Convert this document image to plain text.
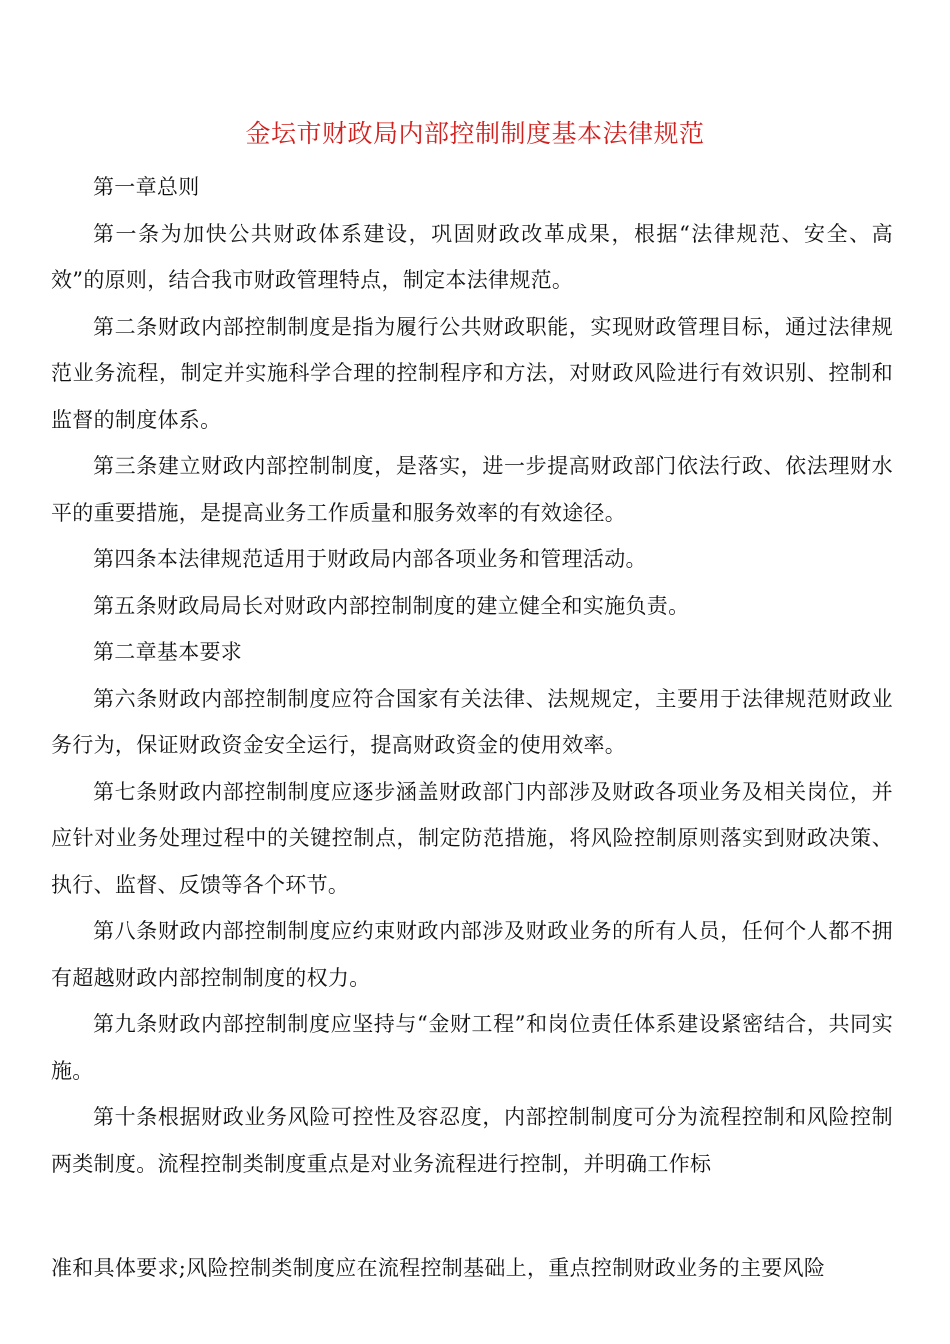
金坛市财政局内部控制制度基本法律规范

第一章总则

第一条为加快公共财政体系建设，巩固财政改革成果，根据“法律规范、安全、高效”的原则，结合我市财政管理特点，制定本法律规范。

第二条财政内部控制制度是指为履行公共财政职能，实现财政管理目标，通过法律规范业务流程，制定并实施科学合理的控制程序和方法，对财政风险进行有效识别、控制和监督的制度体系。

第三条建立财政内部控制制度，是落实，进一步提高财政部门依法行政、依法理财水平的重要措施，是提高业务工作质量和服务效率的有效途径。

第四条本法律规范适用于财政局内部各项业务和管理活动。

第五条财政局局长对财政内部控制制度的建立健全和实施负责。

第二章基本要求

第六条财政内部控制制度应符合国家有关法律、法规规定，主要用于法律规范财政业务行为，保证财政资金安全运行，提高财政资金的使用效率。

第七条财政内部控制制度应逐步涵盖财政部门内部涉及财政各项业务及相关岗位，并应针对业务处理过程中的关键控制点，制定防范措施，将风险控制原则落实到财政决策、执行、监督、反馈等各个环节。

第八条财政内部控制制度应约束财政内部涉及财政业务的所有人员，任何个人都不拥有超越财政内部控制制度的权力。

第九条财政内部控制制度应坚持与“金财工程”和岗位责任体系建设紧密结合，共同实施。

第十条根据财政业务风险可控性及容忍度，内部控制制度可分为流程控制和风险控制两类制度。流程控制类制度重点是对业务流程进行控制，并明确工作标

准和具体要求;风险控制类制度应在流程控制基础上，重点控制财政业务的主要风险
